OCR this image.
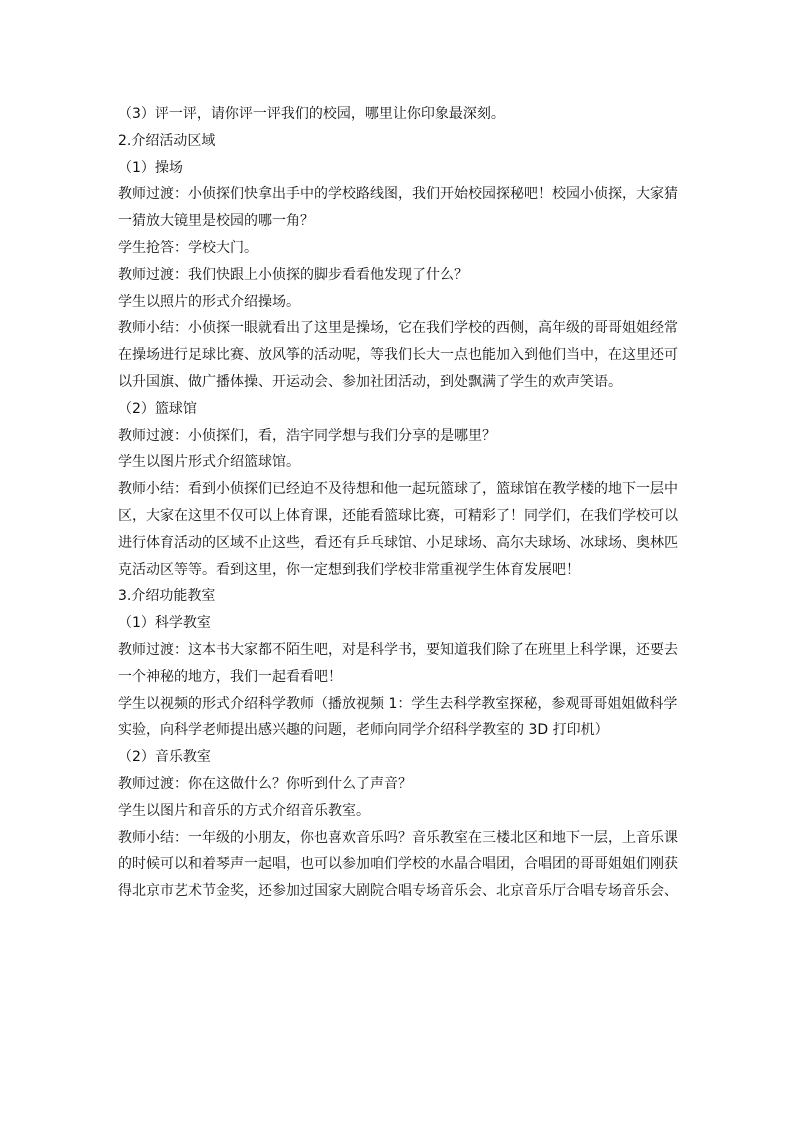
（3）评一评，请你评一评我们的校园，哪里让你印象最深刻。
2.介绍活动区域
（1）操场
教师过渡：小侦探们快拿出手中的学校路线图，我们开始校园探秘吧！校园小侦探，大家猜
一猜放大镜里是校园的哪一角？
学生抢答：学校大门。
教师过渡：我们快跟上小侦探的脚步看看他发现了什么？
学生以照片的形式介绍操场。
教师小结：小侦探一眼就看出了这里是操场，它在我们学校的西侧，高年级的哥哥姐姐经常
在操场进行足球比赛、放风筝的活动呢，等我们长大一点也能加入到他们当中，在这里还可
以升国旗、做广播体操、开运动会、参加社团活动，到处飘满了学生的欢声笑语。
（2）篮球馆
教师过渡：小侦探们，看，浩宇同学想与我们分享的是哪里？
学生以图片形式介绍篮球馆。
教师小结：看到小侦探们已经迫不及待想和他一起玩篮球了，篮球馆在教学楼的地下一层中
区，大家在这里不仅可以上体育课，还能看篮球比赛，可精彩了！同学们，在我们学校可以
进行体育活动的区域不止这些，看还有乒乓球馆、小足球场、高尔夫球场、冰球场、奥林匹
克活动区等等。看到这里，你一定想到我们学校非常重视学生体育发展吧！
3.介绍功能教室
（1）科学教室
教师过渡：这本书大家都不陌生吧，对是科学书，要知道我们除了在班里上科学课，还要去
一个神秘的地方，我们一起看看吧！
学生以视频的形式介绍科学教师（播放视频 1：学生去科学教室探秘，参观哥哥姐姐做科学
实验，向科学老师提出感兴趣的问题，老师向同学介绍科学教室的 3D 打印机）
（2）音乐教室
教师过渡：你在这做什么？你听到什么了声音？
学生以图片和音乐的方式介绍音乐教室。
教师小结：一年级的小朋友，你也喜欢音乐吗？音乐教室在三楼北区和地下一层，上音乐课
的时候可以和着琴声一起唱，也可以参加咱们学校的水晶合唱团，合唱团的哥哥姐姐们刚获
得北京市艺术节金奖，还参加过国家大剧院合唱专场音乐会、北京音乐厅合唱专场音乐会、
